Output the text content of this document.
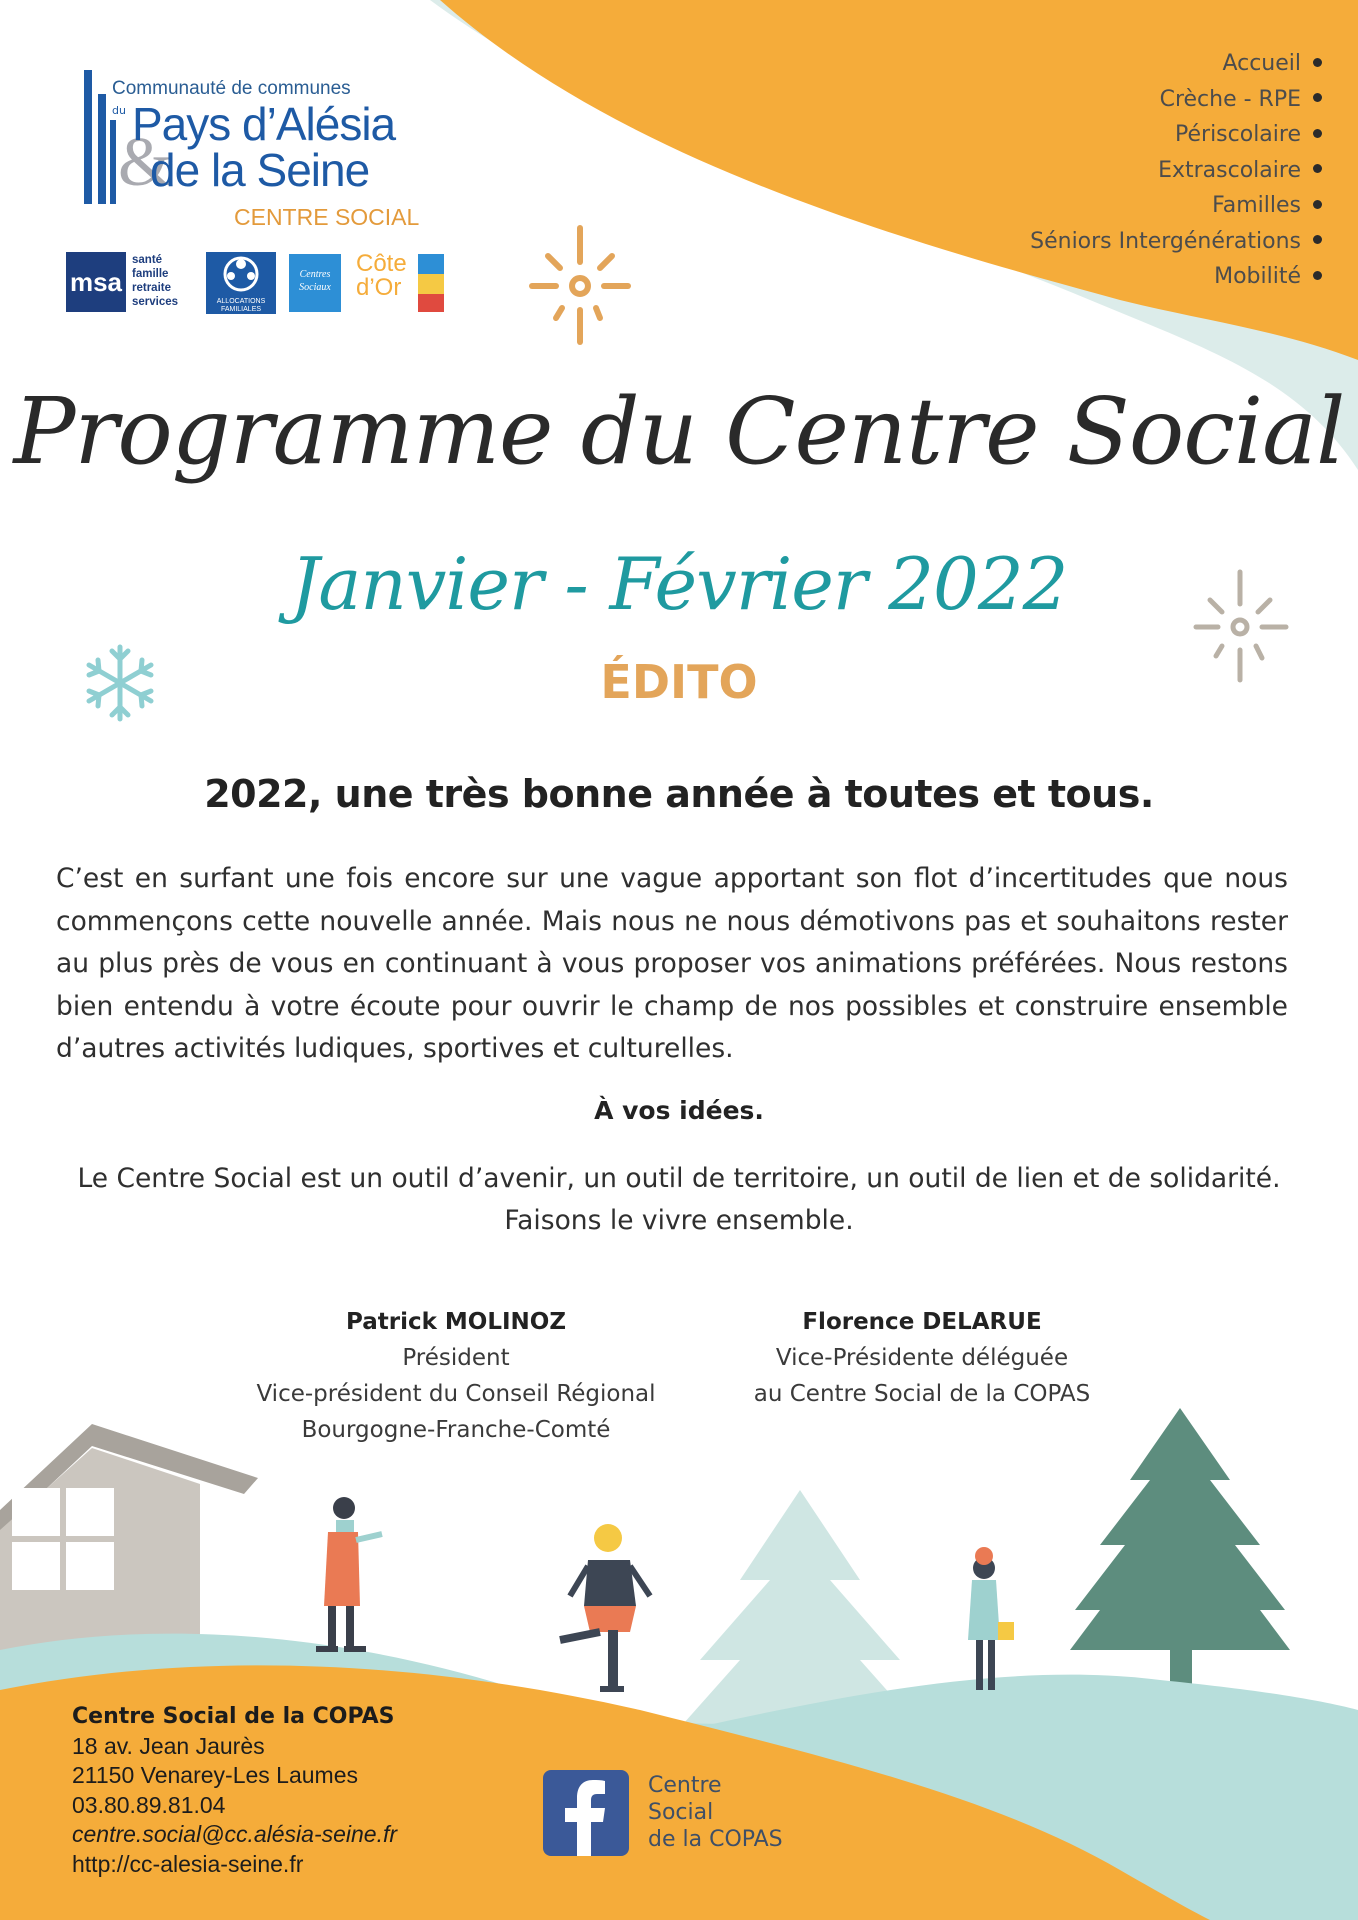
Communauté de communes
du
&
Pays d’Alésia
de la Seine
CENTRE SOCIAL
msa
santé
famille
retraite
services	ALLOCATIONS FAMILIALES
Centres Sociaux
Côte d’Or
Accueil
Crèche - RPE
Périscolaire
Extrascolaire
Familles
Séniors Intergénérations
Mobilité
Programme du Centre Social
Janvier - Février 2022
ÉDITO
2022, une très bonne année à toutes et tous.
C’est en surfant une fois encore sur une vague apportant son flot d’incertitudes que nous commençons cette nouvelle année. Mais nous ne nous démotivons pas et souhaitons rester au plus près de vous en continuant à vous proposer vos animations préférées. Nous restons bien entendu à votre écoute pour ouvrir le champ de nos possibles et construire ensemble d’autres activités ludiques, sportives et culturelles.
À vos idées.
Le Centre Social est un outil d’avenir, un outil de territoire, un outil de lien et de solidarité.
Faisons le vivre ensemble.
Patrick MOLINOZ
Président
Vice-président du Conseil Régional
Bourgogne-Franche-Comté
Florence DELARUE
Vice-Présidente déléguée
au Centre Social de la COPAS
Centre Social de la COPAS
18 av. Jean Jaurès
21150 Venarey-Les Laumes
03.80.89.81.04
centre.social@cc.alésia-seine.fr
http://cc-alesia-seine.fr
Centre
Social
de la COPAS
